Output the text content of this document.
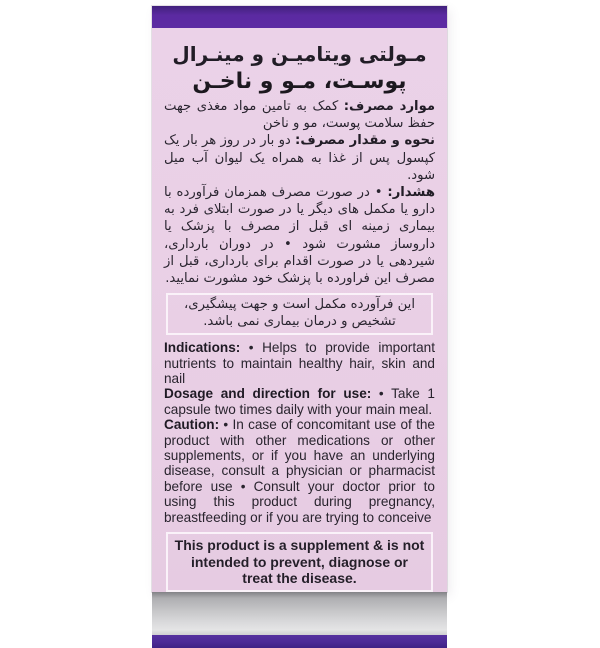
مـولتی ویتامیـن و مینـرال
پوسـت، مـو و ناخـن

موارد مصرف: کمک به تامین مواد مغذی جهت حفظ سلامت پوست، مو و ناخن

نحوه و مقدار مصرف: دو بار در روز هر بار یک کپسول پس از غذا به همراه یک لیوان آب میل شود.

هشدار: • در صورت مصرف همزمان فرآورده با دارو یا مکمل های دیگر یا در صورت ابتلای فرد به بیماری زمینه ای قبل از مصرف با پزشک یا داروساز مشورت شود • در دوران بارداری، شیردهی یا در صورت اقدام برای بارداری، قبل از مصرف این فراورده با پزشک خود مشورت نمایید.

این فرآورده مکمل است و جهت پیشگیری، تشخیص و درمان بیماری نمی باشد.

Indications: • Helps to provide important nutrients to maintain healthy hair, skin and nail

Dosage and direction for use: • Take 1 capsule two times daily with your main meal.

Caution: • In case of concomitant use of the product with other medications or other supplements, or if you have an underlying disease, consult a physician or pharmacist before use • Consult your doctor prior to using this product during pregnancy, breastfeeding or if you are trying to conceive

This product is a supplement & is not intended to prevent, diagnose or treat the disease.
